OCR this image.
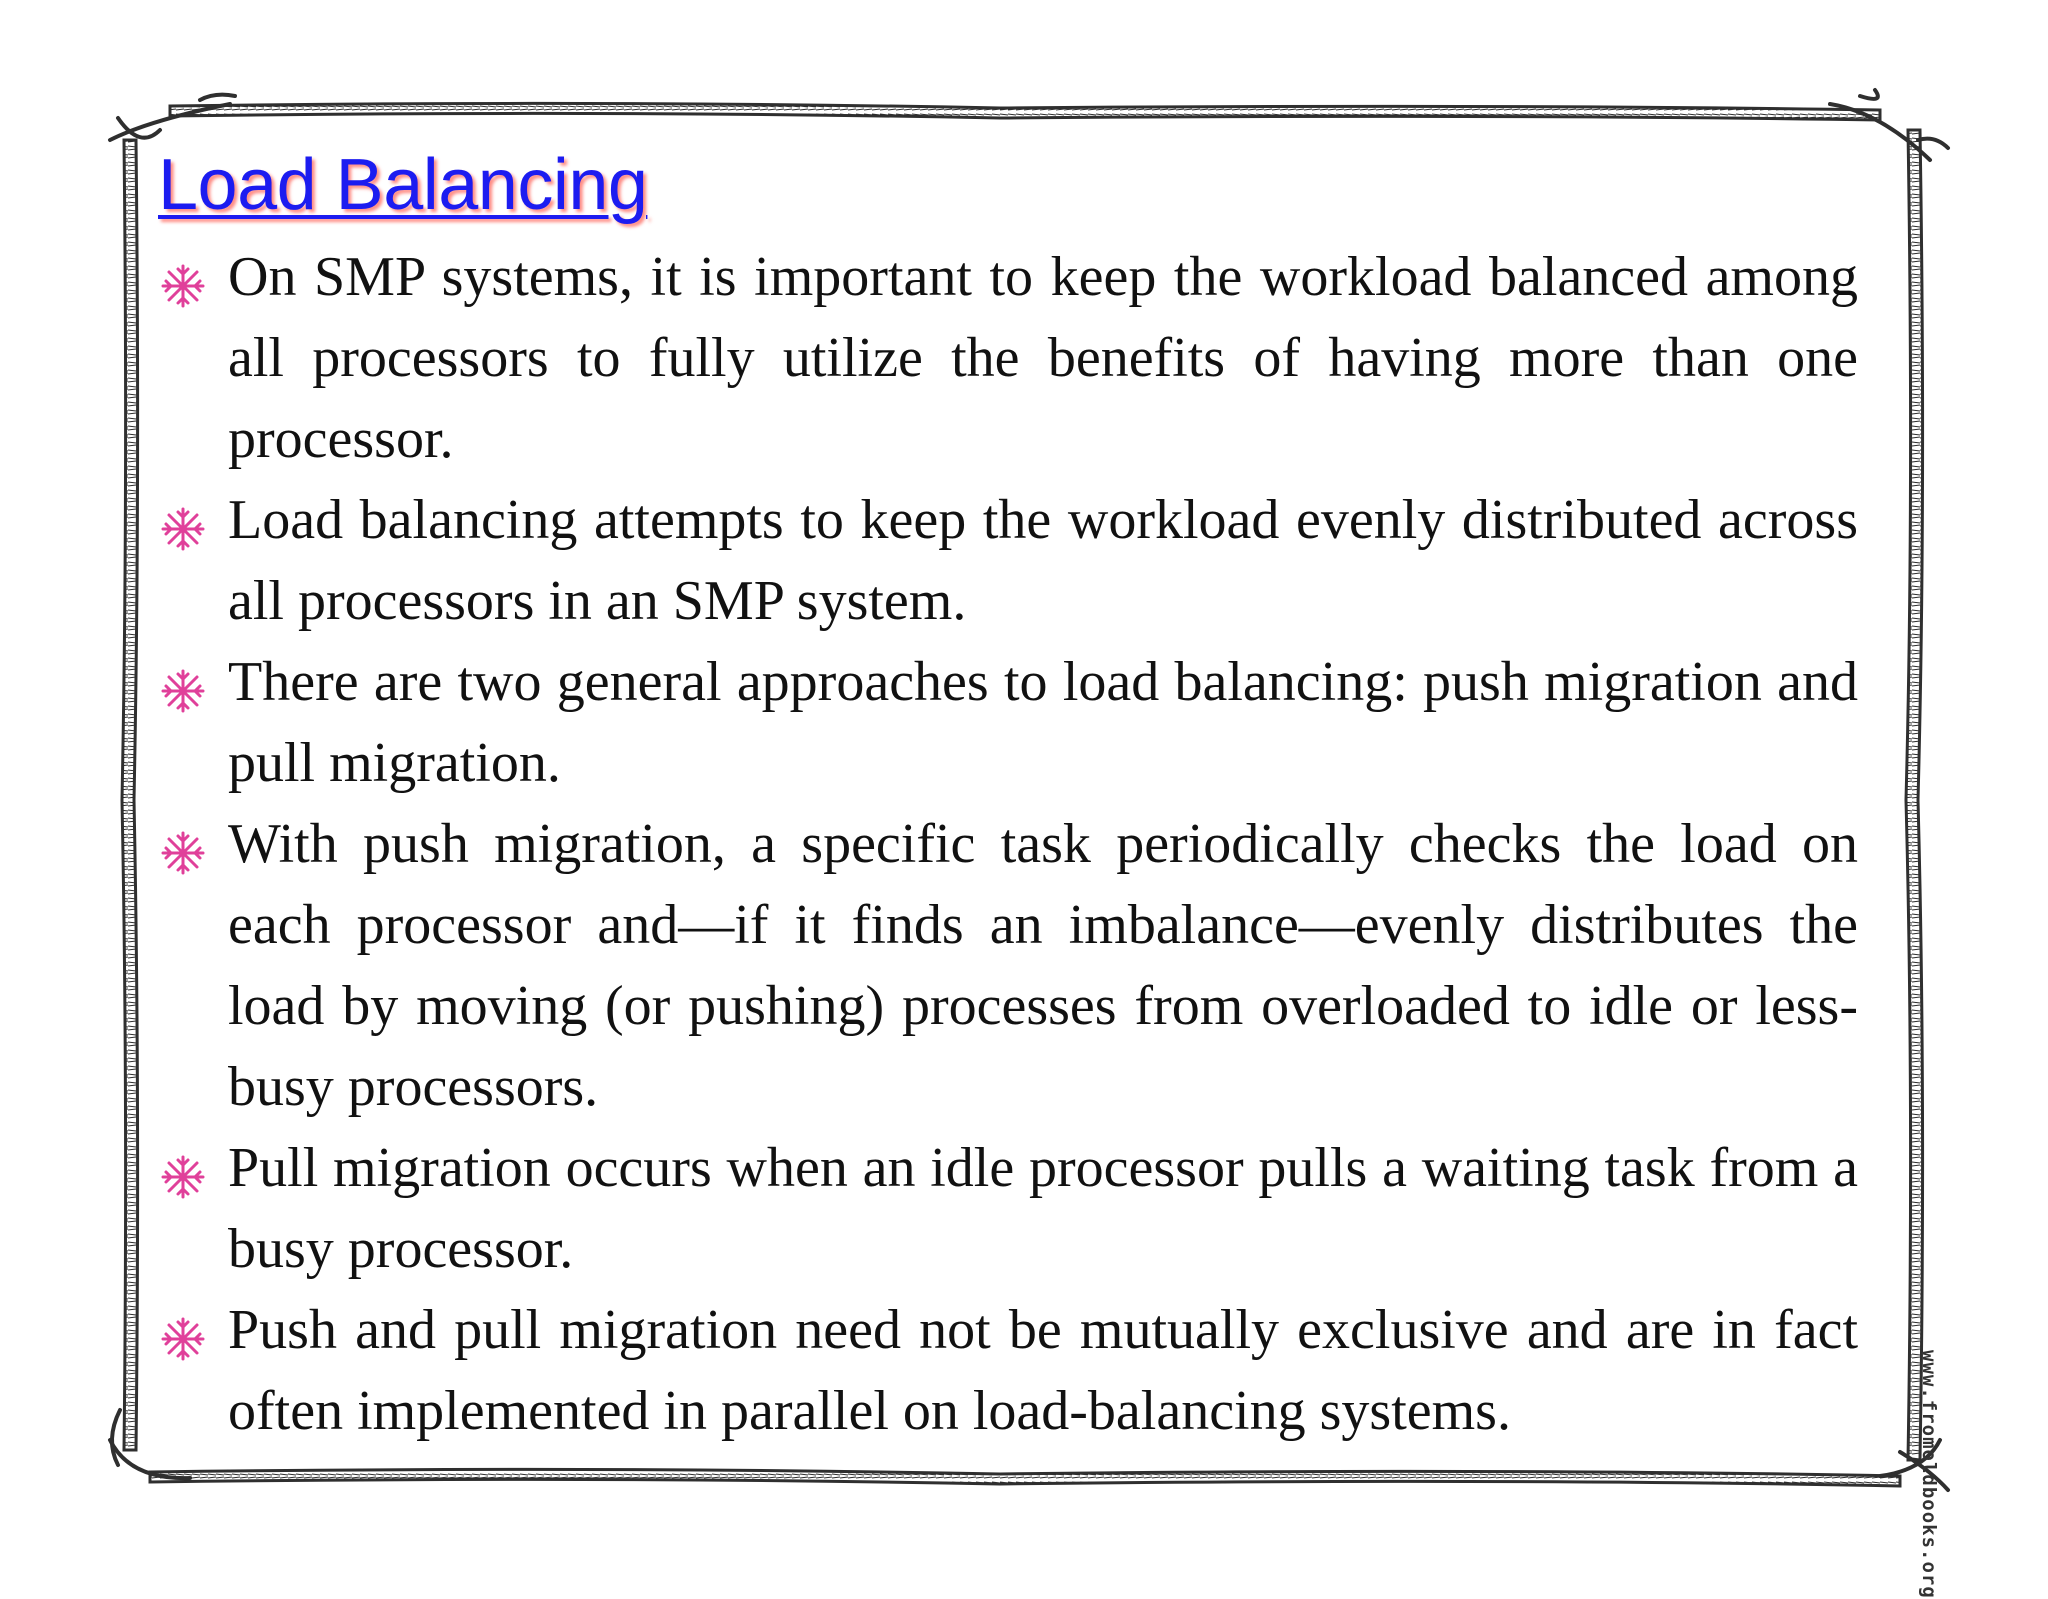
Load Balancing

On SMP systems, it is important to keep the workload balanced among all processors to fully utilize the benefits of having more than one processor.

Load balancing attempts to keep the workload evenly distributed across all processors in an SMP system.

There are two general approaches to load balancing: push migration and pull migration.

With push migration, a specific task periodically checks the load on each processor and—if it finds an imbalance—evenly distributes the load by moving (or pushing) processes from overloaded to idle or less-busy processors.

Pull migration occurs when an idle processor pulls a waiting task from a busy processor.

Push and pull migration need not be mutually exclusive and are in fact often implemented in parallel on load-balancing systems.	www.fromoldbooks.org
